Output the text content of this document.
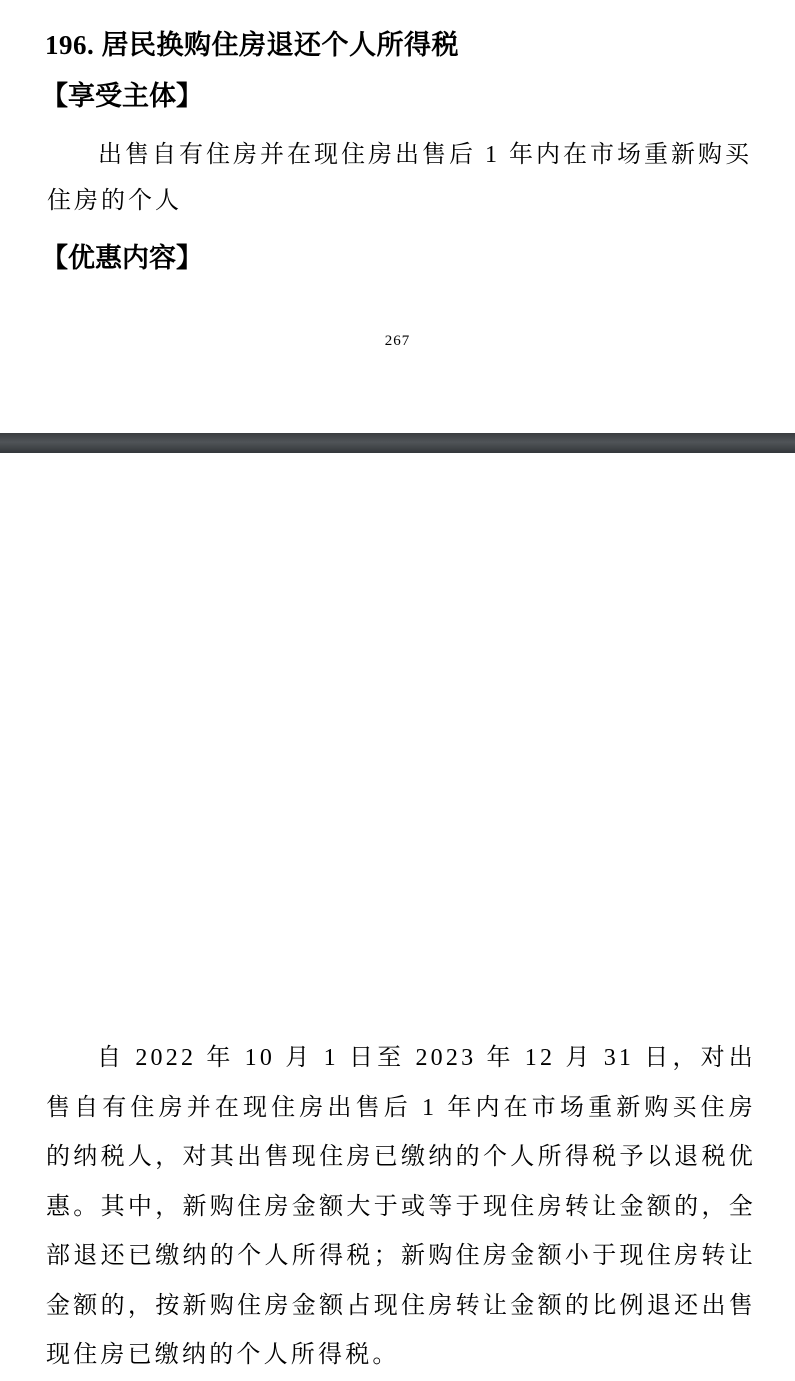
196. 居民换购住房退还个人所得税
【享受主体】

出售自有住房并在现住房出售后 1 年内在市场重新购买住房的个人

【优惠内容】
267

自 2022 年 10 月 1 日至 2023 年 12 月 31 日，对出售自有住房并在现住房出售后 1 年内在市场重新购买住房的纳税人，对其出售现住房已缴纳的个人所得税予以退税优惠。其中，新购住房金额大于或等于现住房转让金额的，全部退还已缴纳的个人所得税；新购住房金额小于现住房转让金额的，按新购住房金额占现住房转让金额的比例退还出售现住房已缴纳的个人所得税。
